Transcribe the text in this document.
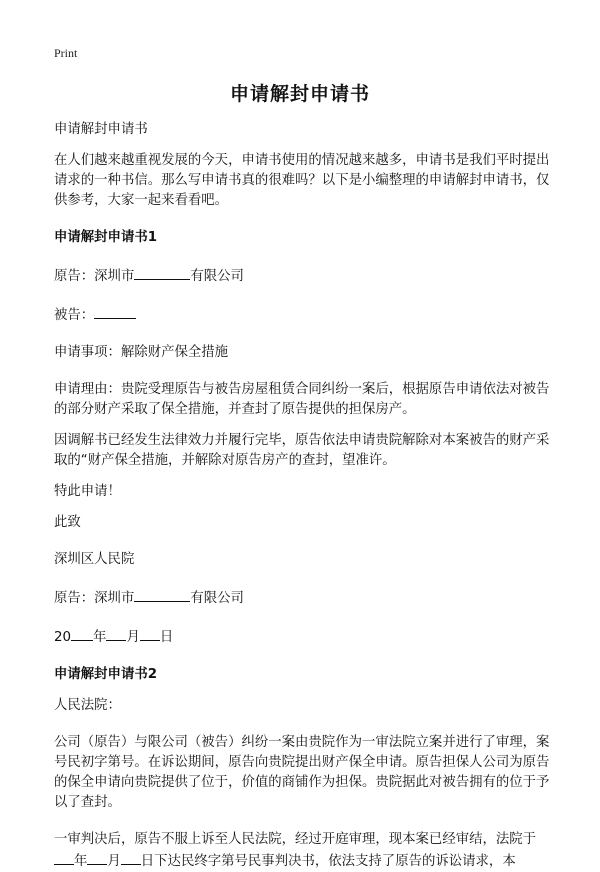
Print
申请解封申请书

申请解封申请书

在人们越来越重视发展的今天，申请书使用的情况越来越多，申请书是我们平时提出请求的一种书信。那么写申请书真的很难吗？以下是小编整理的申请解封申请书，仅供参考，大家一起来看看吧。

申请解封申请书1

原告：深圳市	有限公司

被告：

申请事项：解除财产保全措施

申请理由：贵院受理原告与被告房屋租赁合同纠纷一案后，根据原告申请依法对被告的部分财产采取了保全措施，并查封了原告提供的担保房产。

因调解书已经发生法律效力并履行完毕，原告依法申请贵院解除对本案被告的财产采取的“财产保全措施，并解除对原告房产的查封，望准许。

特此申请！

此致

深圳区人民院

原告：深圳市	有限公司

20 年 月 日

申请解封申请书2

人民法院：

公司（原告）与限公司（被告）纠纷一案由贵院作为一审法院立案并进行了审理，案号民初字第号。在诉讼期间，原告向贵院提出财产保全申请。原告担保人公司为原告的保全申请向贵院提供了位于，价值的商铺作为担保。贵院据此对被告拥有的位于予以了查封。

一审判决后，原告不服上诉至人民法院，经过开庭审理，现本案已经审结，法院于
年 月 日下达民终字第号民事判决书，依法支持了原告的诉讼请求，本
